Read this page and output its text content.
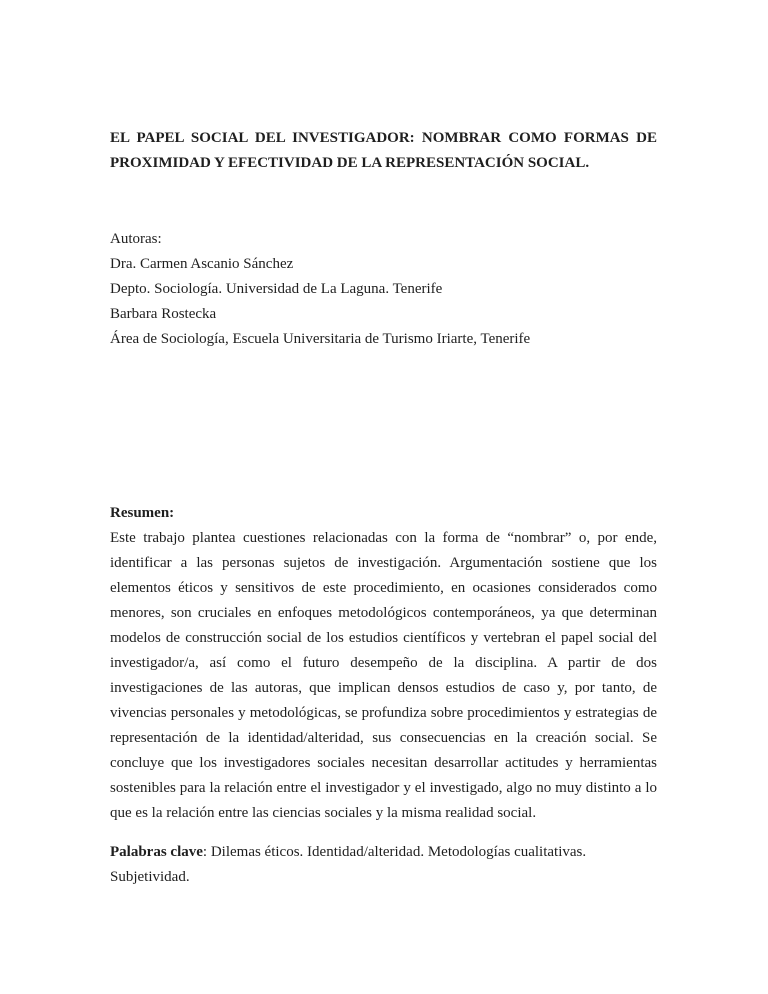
EL PAPEL SOCIAL DEL INVESTIGADOR: NOMBRAR COMO FORMAS DE PROXIMIDAD Y EFECTIVIDAD DE LA REPRESENTACIÓN SOCIAL.
Autoras:
Dra. Carmen Ascanio Sánchez
Depto. Sociología. Universidad de La Laguna. Tenerife
Barbara Rostecka
Área de Sociología, Escuela Universitaria de Turismo Iriarte, Tenerife
Resumen:

Este trabajo plantea cuestiones relacionadas con la forma de “nombrar” o, por ende, identificar a las personas sujetos de investigación. Argumentación sostiene que los elementos éticos y sensitivos de este procedimiento, en ocasiones considerados como menores, son cruciales en enfoques metodológicos contemporáneos, ya que determinan modelos de construcción social de los estudios científicos y vertebran el papel social del investigador/a, así como el futuro desempeño de la disciplina. A partir de dos investigaciones de las autoras, que implican densos estudios de caso y, por tanto, de vivencias personales y metodológicas, se profundiza sobre procedimientos y estrategias de representación de la identidad/alteridad, sus consecuencias en la creación social. Se concluye que los investigadores sociales necesitan desarrollar actitudes y herramientas sostenibles para la relación entre el investigador y el investigado, algo no muy distinto a lo que es la relación entre las ciencias sociales y la misma realidad social.

Palabras clave: Dilemas éticos. Identidad/alteridad. Metodologías cualitativas. Subjetividad.
